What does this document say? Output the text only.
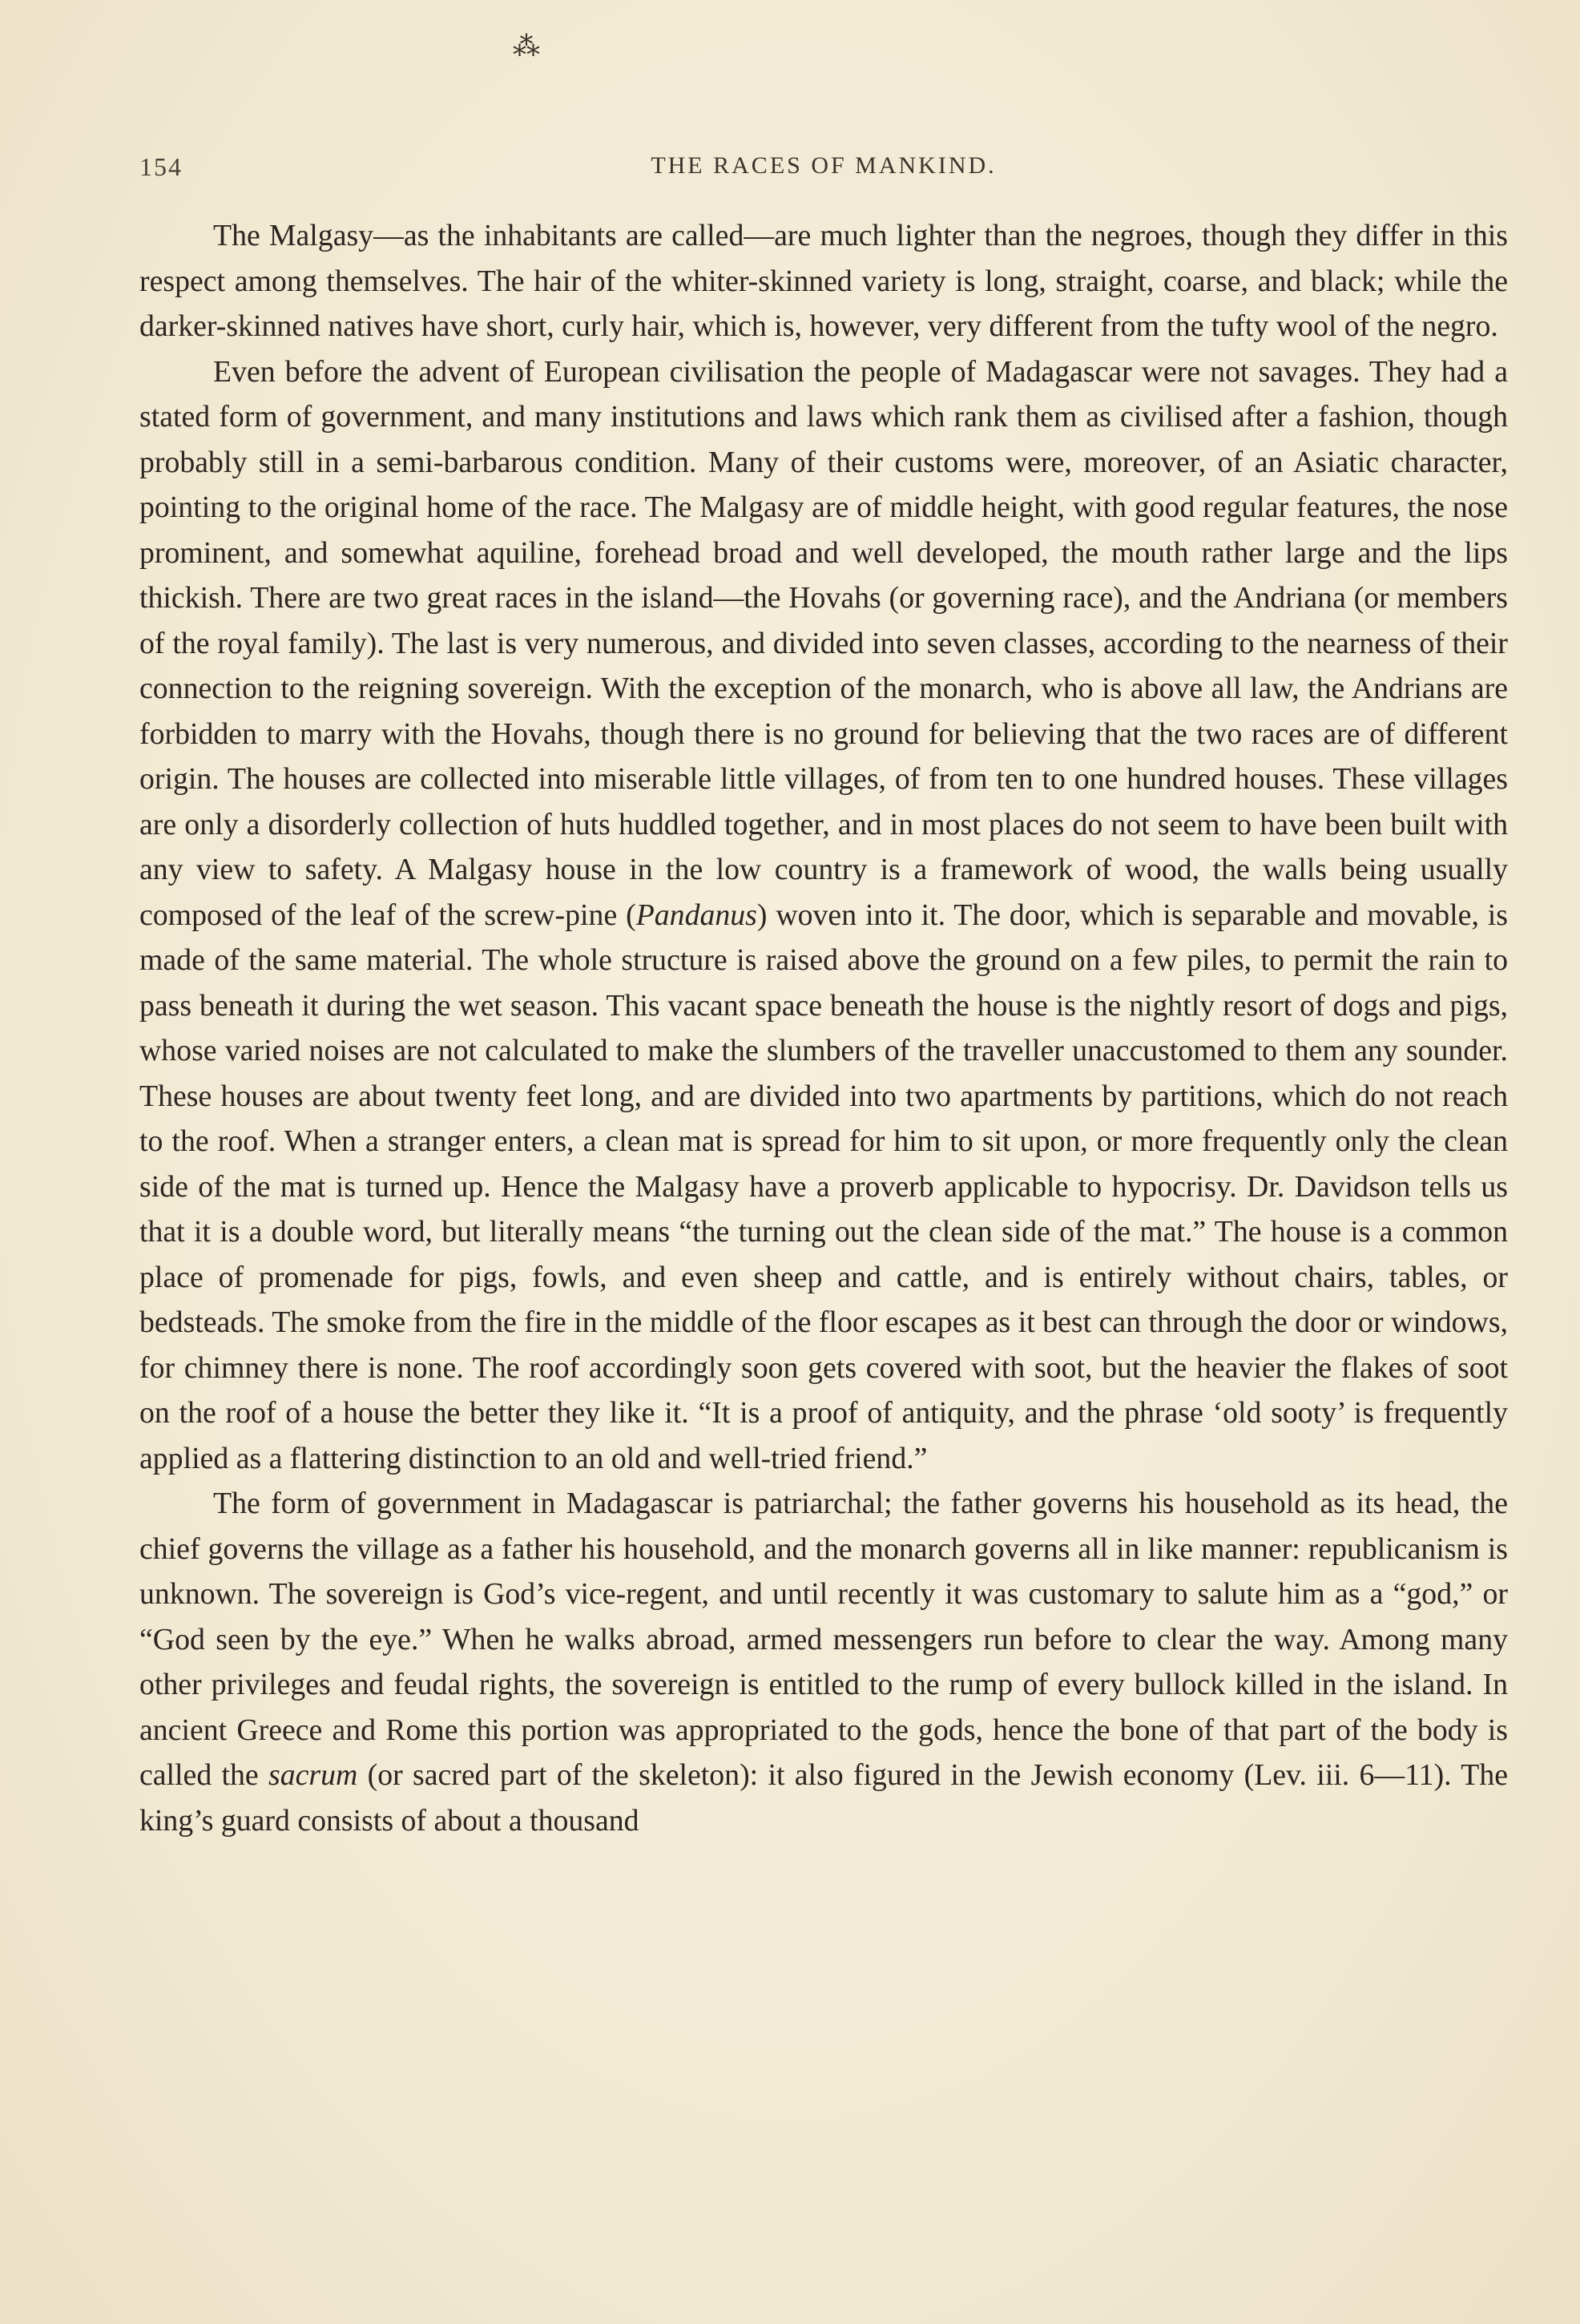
⁂
154	THE RACES OF MANKIND.

The Malgasy—as the inhabitants are called—are much lighter than the negroes, though they differ in this respect among themselves. The hair of the whiter-skinned variety is long, straight, coarse, and black; while the darker-skinned natives have short, curly hair, which is, however, very different from the tufty wool of the negro.

Even before the advent of European civilisation the people of Madagascar were not savages. They had a stated form of government, and many institutions and laws which rank them as civilised after a fashion, though probably still in a semi-barbarous condition. Many of their customs were, moreover, of an Asiatic character, pointing to the original home of the race. The Malgasy are of middle height, with good regular features, the nose prominent, and somewhat aquiline, forehead broad and well developed, the mouth rather large and the lips thickish. There are two great races in the island—the Hovahs (or governing race), and the Andriana (or members of the royal family). The last is very numerous, and divided into seven classes, according to the nearness of their connection to the reigning sovereign. With the exception of the monarch, who is above all law, the Andrians are forbidden to marry with the Hovahs, though there is no ground for believing that the two races are of different origin. The houses are collected into miserable little villages, of from ten to one hundred houses. These villages are only a disorderly collection of huts huddled together, and in most places do not seem to have been built with any view to safety. A Malgasy house in the low country is a framework of wood, the walls being usually composed of the leaf of the screw-pine (Pandanus) woven into it. The door, which is separable and movable, is made of the same material. The whole structure is raised above the ground on a few piles, to permit the rain to pass beneath it during the wet season. This vacant space beneath the house is the nightly resort of dogs and pigs, whose varied noises are not calculated to make the slumbers of the traveller unaccustomed to them any sounder. These houses are about twenty feet long, and are divided into two apartments by partitions, which do not reach to the roof. When a stranger enters, a clean mat is spread for him to sit upon, or more frequently only the clean side of the mat is turned up. Hence the Malgasy have a proverb applicable to hypocrisy. Dr. Davidson tells us that it is a double word, but literally means “the turning out the clean side of the mat.” The house is a common place of promenade for pigs, fowls, and even sheep and cattle, and is entirely without chairs, tables, or bedsteads. The smoke from the fire in the middle of the floor escapes as it best can through the door or windows, for chimney there is none. The roof accordingly soon gets covered with soot, but the heavier the flakes of soot on the roof of a house the better they like it. “It is a proof of antiquity, and the phrase ‘old sooty’ is frequently applied as a flattering distinction to an old and well-tried friend.”

The form of government in Madagascar is patriarchal; the father governs his household as its head, the chief governs the village as a father his household, and the monarch governs all in like manner: republicanism is unknown. The sovereign is God’s vice-regent, and until recently it was customary to salute him as a “god,” or “God seen by the eye.” When he walks abroad, armed messengers run before to clear the way. Among many other privileges and feudal rights, the sovereign is entitled to the rump of every bullock killed in the island. In ancient Greece and Rome this portion was appropriated to the gods, hence the bone of that part of the body is called the sacrum (or sacred part of the skeleton): it also figured in the Jewish economy (Lev. iii. 6—11). The king’s guard consists of about a thousand
